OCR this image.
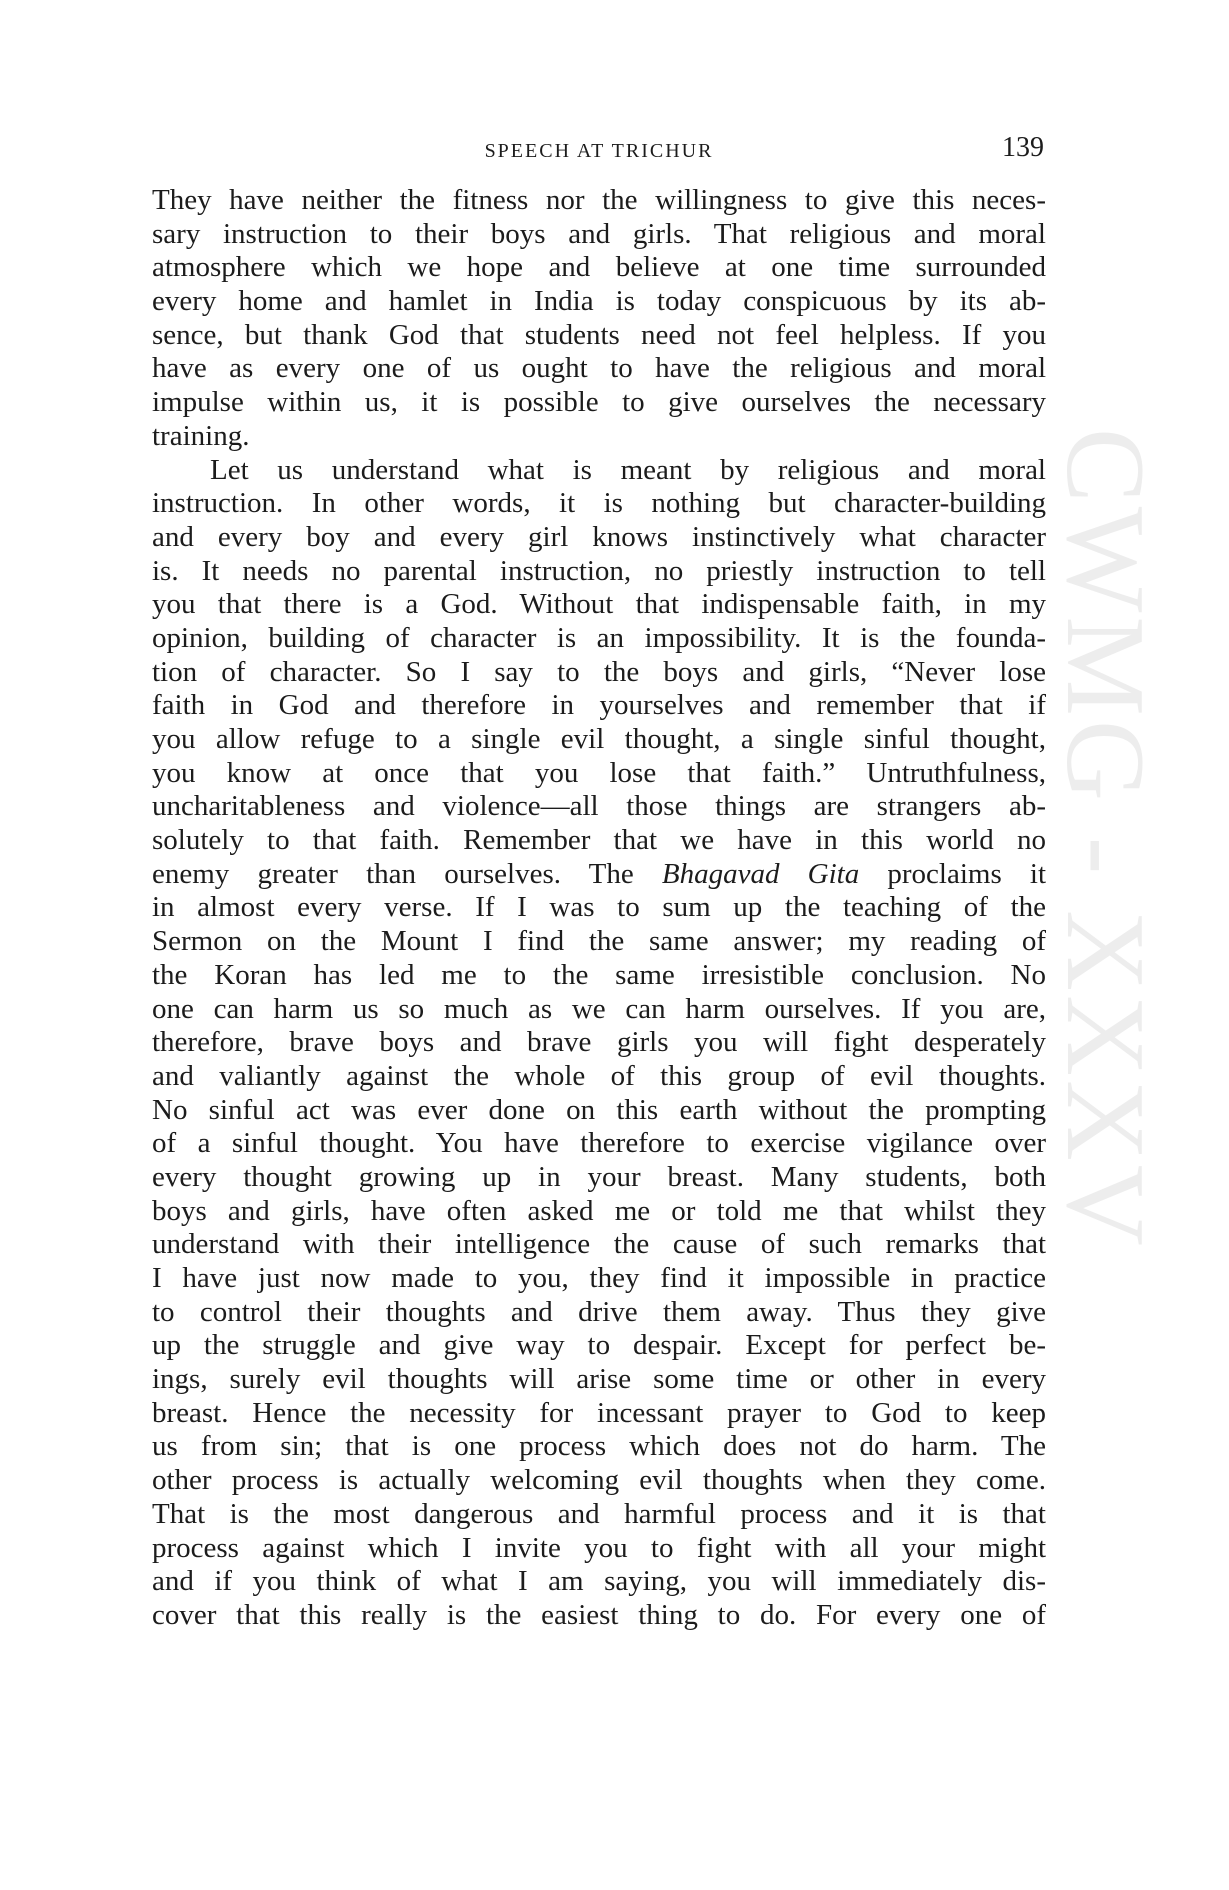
SPEECH AT TRICHUR	139
CWMG - XXXV
They have neither the fitness nor the willingness to give this neces-
sary instruction to their boys and girls. That religious and moral
atmosphere which we hope and believe at one time surrounded
every home and hamlet in India is today conspicuous by its ab-
sence, but thank God that students need not feel helpless. If you
have as every one of us ought to have the religious and moral
impulse within us, it is possible to give ourselves the necessary
training.
Let us understand what is meant by religious and moral
instruction. In other words, it is nothing but character-building
and every boy and every girl knows instinctively what character
is. It needs no parental instruction, no priestly instruction to tell
you that there is a God. Without that indispensable faith, in my
opinion, building of character is an impossibility. It is the founda-
tion of character. So I say to the boys and girls, “Never lose
faith in God and therefore in yourselves and remember that if
you allow refuge to a single evil thought, a single sinful thought,
you know at once that you lose that faith.” Untruthfulness,
uncharitableness and violence—all those things are strangers ab-
solutely to that faith. Remember that we have in this world no
enemy greater than ourselves. The Bhagavad Gita proclaims it
in almost every verse. If I was to sum up the teaching of the
Sermon on the Mount I find the same answer; my reading of
the Koran has led me to the same irresistible conclusion. No
one can harm us so much as we can harm ourselves. If you are,
therefore, brave boys and brave girls you will fight desperately
and valiantly against the whole of this group of evil thoughts.
No sinful act was ever done on this earth without the prompting
of a sinful thought. You have therefore to exercise vigilance over
every thought growing up in your breast. Many students, both
boys and girls, have often asked me or told me that whilst they
understand with their intelligence the cause of such remarks that
I have just now made to you, they find it impossible in practice
to control their thoughts and drive them away. Thus they give
up the struggle and give way to despair. Except for perfect be-
ings, surely evil thoughts will arise some time or other in every
breast. Hence the necessity for incessant prayer to God to keep
us from sin; that is one process which does not do harm. The
other process is actually welcoming evil thoughts when they come.
That is the most dangerous and harmful process and it is that
process against which I invite you to fight with all your might
and if you think of what I am saying, you will immediately dis-
cover that this really is the easiest thing to do. For every one of
